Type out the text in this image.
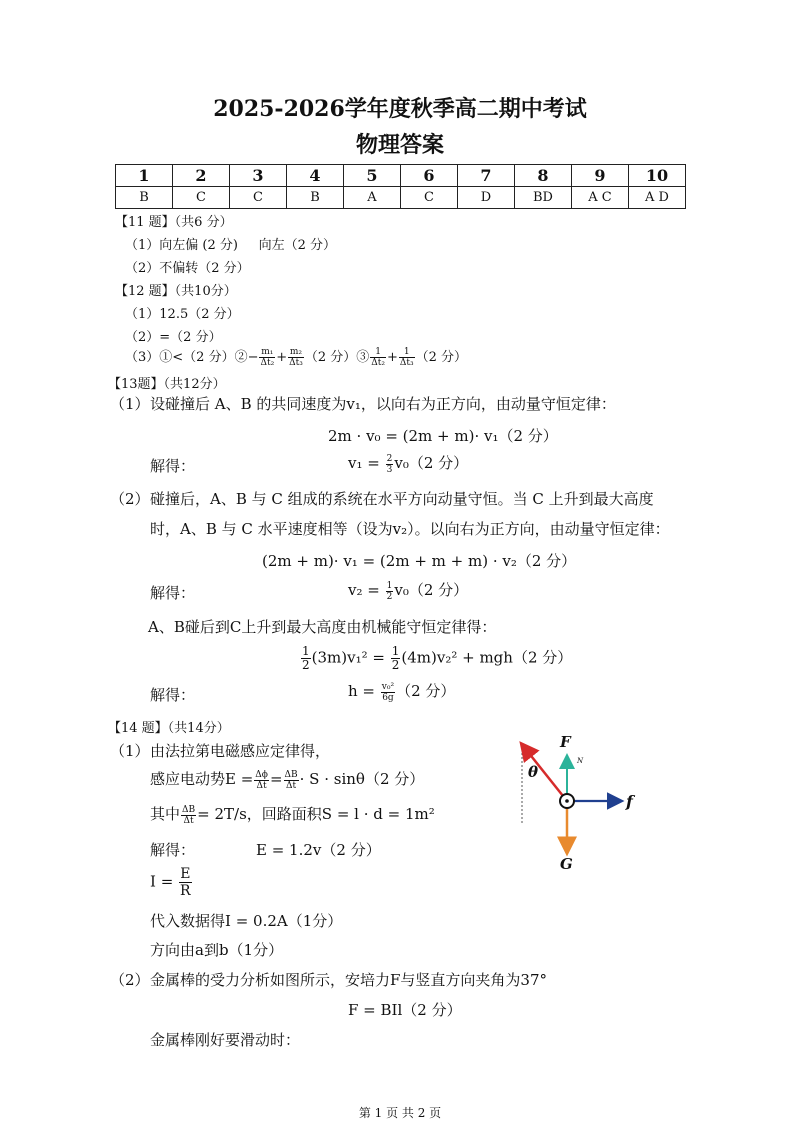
2025-2026学年度秋季高二期中考试
物理答案
1	2	3	4	5	6	7	8	9	10
B	C	C	B	A	C	D	BD	A C	A D
【11 题】（共6 分）
（1）向左偏 (2 分)     向左（2 分）
（2）不偏转（2 分）
【12 题】（共10分）
（1）12.5（2 分）
（2）=（2 分）
（3）①<（2 分）②− $\frac{\text{m₁}}{\text{Δt₂}} + \frac{\text{m₂}}{\text{Δt₃}} (2$ 分）③ $\frac{1}{\text{Δt₂}} + \frac{1}{\text{Δt₃}} (2$ 分）
【13题】（共12分）
（1） 设碰撞后 A、B 的共同速度为v₁，以向右为正方向，由动量守恒定律：
2m · v₀ = (2m + m)· v₁（2 分）
解得：	$v_1 = \frac{2}{3} v_0(2$ 分）
（2） 碰撞后，A、B 与 C 组成的系统在水平方向动量守恒。当 C 上升到最大高度
时，A、B 与 C 水平速度相等（设为v₂）。以向右为正方向，由动量守恒定律：
(2m + m)· v₁ = (2m + m + m) · v₂（2 分）
解得：	$v_2 = \frac{1}{2} v_0(2$ 分）
A、B碰后到C上升到最大高度由机械能守恒定律得：
$\frac{1}{2} (3m)v_1^2 = \frac{1}{2} (4m)v_2^2 + mgh(2$ 分）
解得：	$h = \frac{\text{v₀²}}{6g} (2$ 分）
【14 题】（共14分）
（1） 由法拉第电磁感应定律得，
感应电动势$E = \frac{\Delta\phi}{\Delta t} = \frac{\Delta B}{\Delta t} \cdot S \cdot \sin\theta(2$ 分）
其中 $\frac{\Delta B}{\Delta t} = 2T/s$，回路面积S = l · d = 1m²
解得：	E = 1.2v（2 分）
$I = \frac{E}{R}$
代入数据得I = 0.2A（1分）
方向由a到b（1分）
（2） 金属棒的受力分析如图所示，安培力F与竖直方向夹角为37°
F = BIl（2 分）
金属棒刚好要滑动时：
F
N
θ
f
G
第 1 页 共 2 页
